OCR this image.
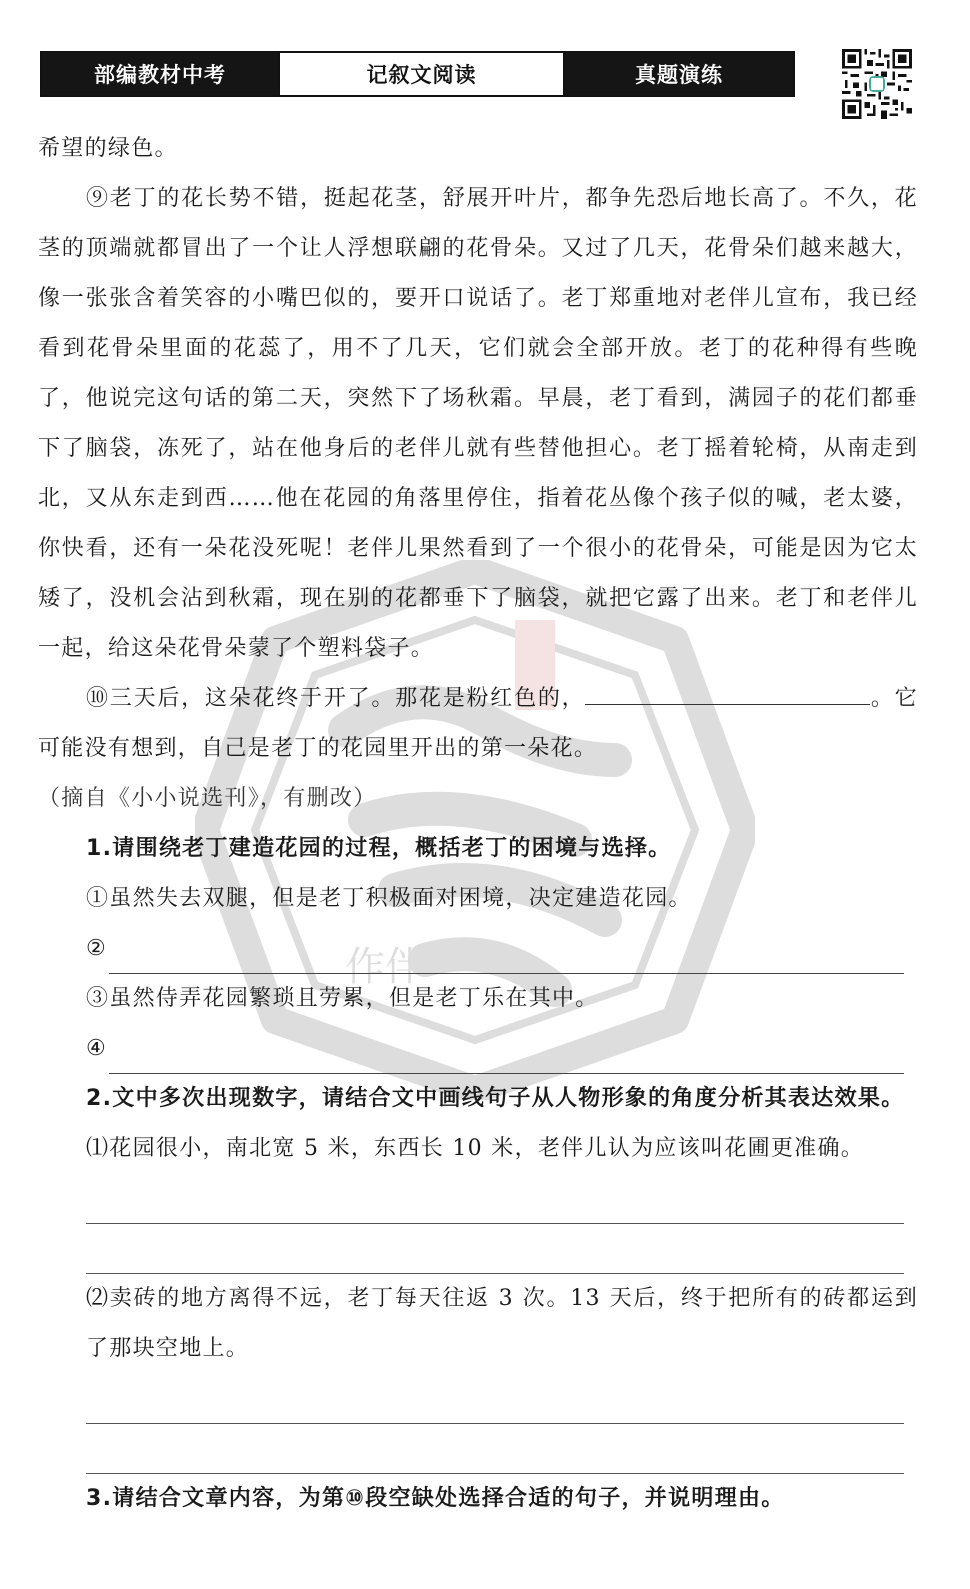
部编教材中考	记叙文阅读	真题演练
作伴

希望的绿色。

⑨老丁的花长势不错，挺起花茎，舒展开叶片，都争先恐后地长高了。不久，花茎的顶端就都冒出了一个让人浮想联翩的花骨朵。又过了几天，花骨朵们越来越大，像一张张含着笑容的小嘴巴似的，要开口说话了。老丁郑重地对老伴儿宣布，我已经看到花骨朵里面的花蕊了，用不了几天，它们就会全部开放。老丁的花种得有些晚了，他说完这句话的第二天，突然下了场秋霜。早晨，老丁看到，满园子的花们都垂下了脑袋，冻死了，站在他身后的老伴儿就有些替他担心。老丁摇着轮椅，从南走到北，又从东走到西……他在花园的角落里停住，指着花丛像个孩子似的喊，老太婆，你快看，还有一朵花没死呢！老伴儿果然看到了一个很小的花骨朵，可能是因为它太矮了，没机会沾到秋霜，现在别的花都垂下了脑袋，就把它露了出来。老丁和老伴儿一起，给这朵花骨朵蒙了个塑料袋子。

⑩三天后，这朵花终于开了。那花是粉红色的，	。它可能没有想到，自己是老丁的花园里开出的第一朵花。

（摘自《小小说选刊》，有删改）

1.请围绕老丁建造花园的过程，概括老丁的困境与选择。

①虽然失去双腿，但是老丁积极面对困境，决定建造花园。

②

③虽然侍弄花园繁琐且劳累，但是老丁乐在其中。

④

2.文中多次出现数字，请结合文中画线句子从人物形象的角度分析其表达效果。

⑴花园很小，南北宽 5 米，东西长 10 米，老伴儿认为应该叫花圃更准确。

⑵卖砖的地方离得不远，老丁每天往返 3 次。13 天后，终于把所有的砖都运到了那块空地上。

3.请结合文章内容，为第⑩段空缺处选择合适的句子，并说明理由。
